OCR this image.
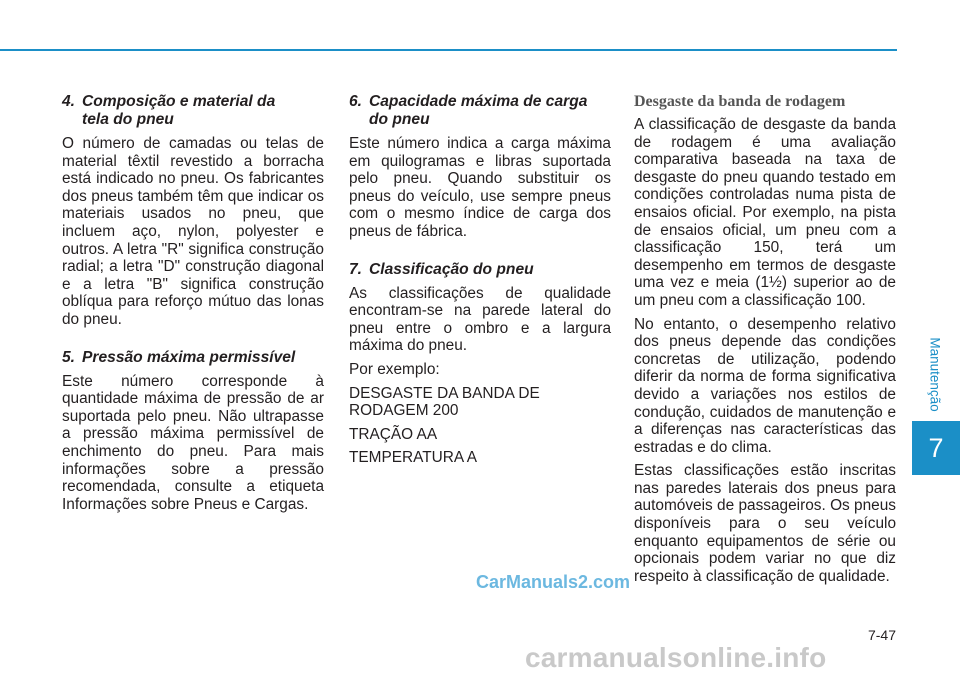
4. Composição e material da
tela do pneu

O número de camadas ou telas de material têxtil revestido a borracha está indicado no pneu. Os fabricantes dos pneus também têm que indicar os materiais usados no pneu, que incluem aço, nylon, polyester e outros. A letra "R" significa construção radial; a letra "D" construção diagonal e a letra "B" significa construção oblíqua para reforço mútuo das lonas do pneu.

5. Pressão máxima permissível

Este número corresponde à quantidade máxima de pressão de ar suportada pelo pneu. Não ultrapasse a pressão máxima permissível de enchimento do pneu. Para mais informações sobre a pressão recomendada, consulte a etiqueta Informações sobre Pneus e Cargas.

6. Capacidade máxima de carga
do pneu

Este número indica a carga máxima em quilogramas e libras suportada pelo pneu. Quando substituir os pneus do veículo, use sempre pneus com o mesmo índice de carga dos pneus de fábrica.

7. Classificação do pneu

As classificações de qualidade encontram-se na parede lateral do pneu entre o ombro e a largura máxima do pneu.

Por exemplo:

DESGASTE DA BANDA DE RODAGEM 200

TRAÇÃO AA

TEMPERATURA A

Desgaste da banda de rodagem

A classificação de desgaste da banda de rodagem é uma avaliação comparativa baseada na taxa de desgaste do pneu quando testado em condições controladas numa pista de ensaios oficial. Por exemplo, na pista de ensaios oficial, um pneu com a classificação 150, terá um desempenho em termos de desgaste uma vez e meia (1½) superior ao de um pneu com a classificação 100.

No entanto, o desempenho relativo dos pneus depende das condições concretas de utilização, podendo diferir da norma de forma significativa devido a variações nos estilos de condução, cuidados de manutenção e a diferenças nas características das estradas e do clima.

Estas classificações estão inscritas nas paredes laterais dos pneus para automóveis de passageiros. Os pneus disponíveis para o seu veículo enquanto equipamentos de série ou opcionais podem variar no que diz respeito à classificação de qualidade.

Manutenção
7
7-47
CarManuals2.com
carmanualsonline.info
